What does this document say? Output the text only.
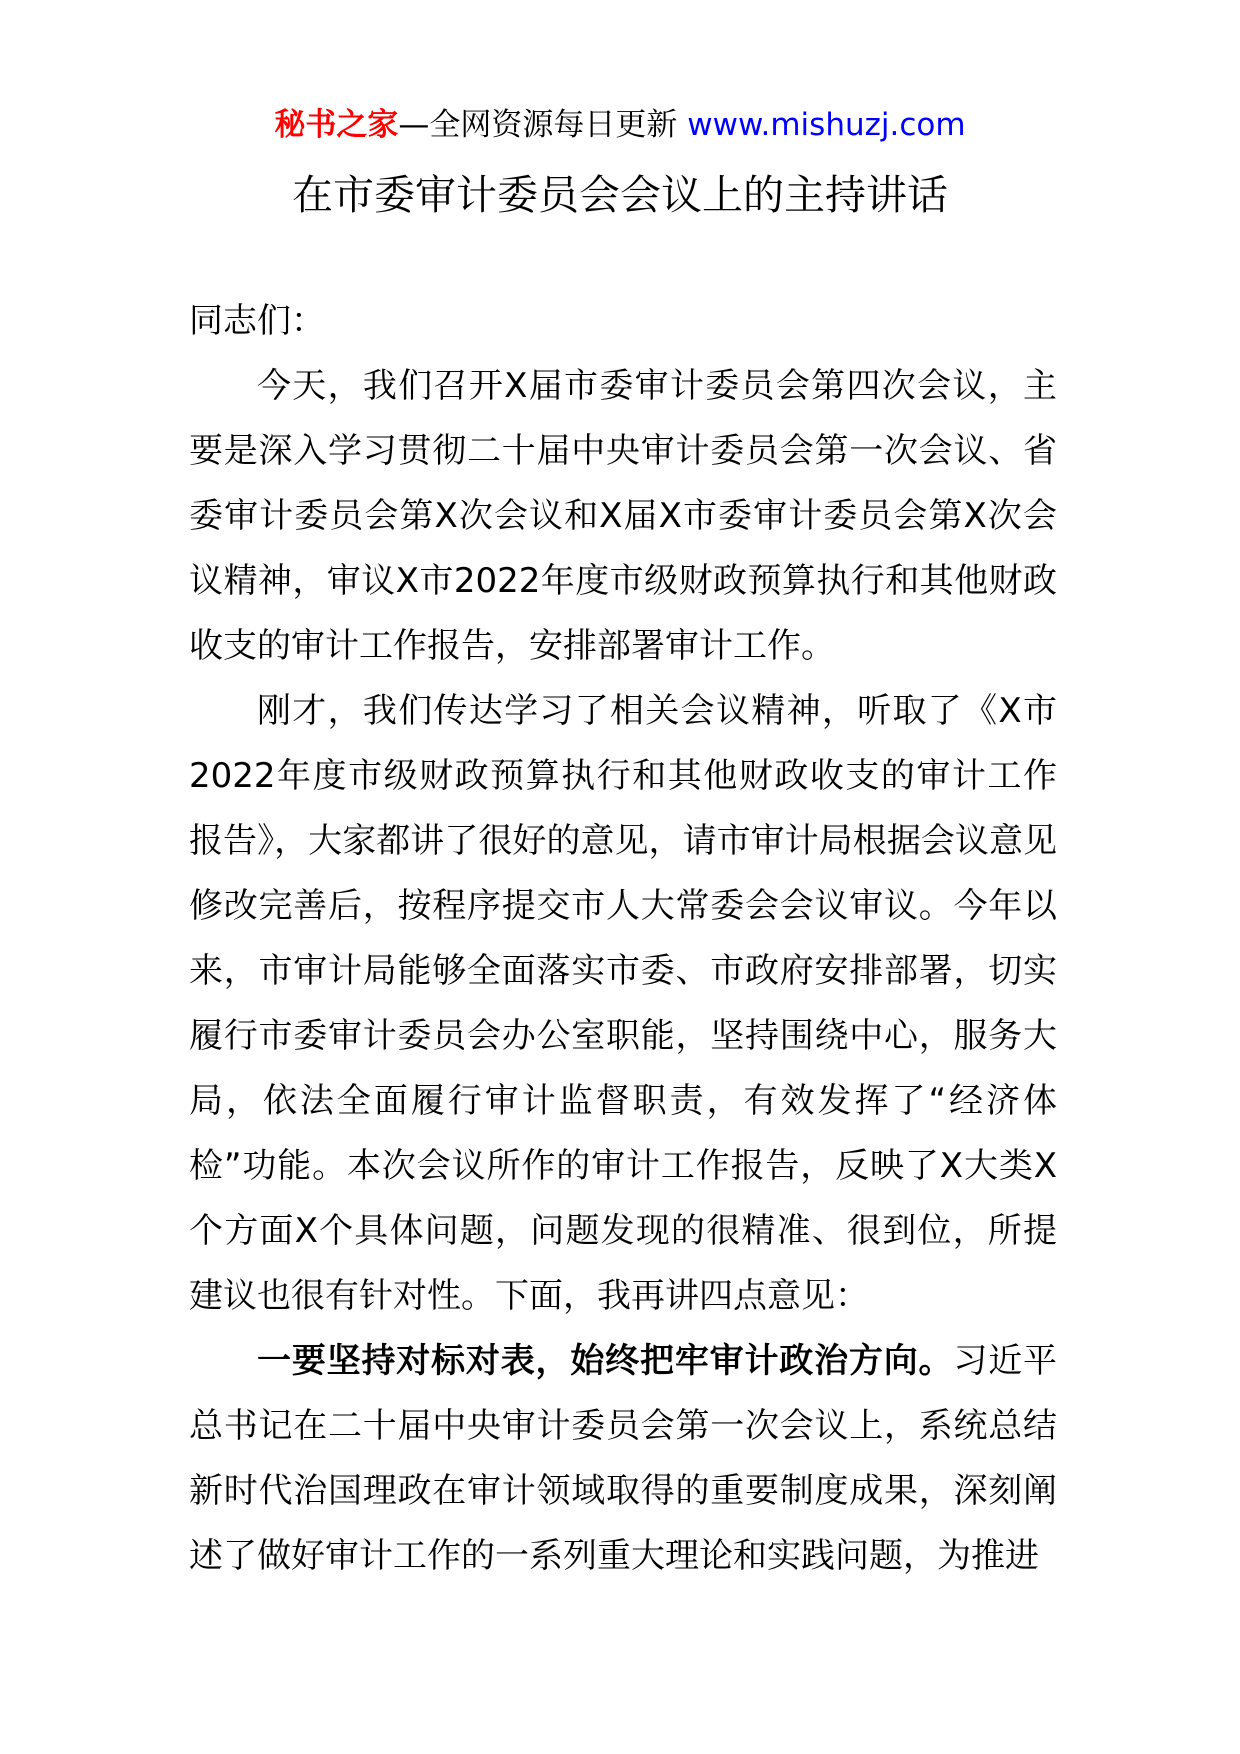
秘书之家—全网资源每日更新 www.mishuzj.com
在市委审计委员会会议上的主持讲话

同志们：

今天，我们召开X届市委审计委员会第四次会议，主要是深入学习贯彻二十届中央审计委员会第一次会议、省委审计委员会第X次会议和X届X市委审计委员会第X次会议精神，审议X市2022年度市级财政预算执行和其他财政收支的审计工作报告，安排部署审计工作。

刚才，我们传达学习了相关会议精神，听取了《X市2022年度市级财政预算执行和其他财政收支的审计工作报告》，大家都讲了很好的意见，请市审计局根据会议意见修改完善后，按程序提交市人大常委会会议审议。今年以来，市审计局能够全面落实市委、市政府安排部署，切实履行市委审计委员会办公室职能，坚持围绕中心，服务大局，依法全面履行审计监督职责，有效发挥了“经济体检”功能。本次会议所作的审计工作报告，反映了X大类X个方面X个具体问题，问题发现的很精准、很到位，所提建议也很有针对性。下面，我再讲四点意见：

一要坚持对标对表，始终把牢审计政治方向。习近平总书记在二十届中央审计委员会第一次会议上，系统总结新时代治国理政在审计领域取得的重要制度成果，深刻阐述了做好审计工作的一系列重大理论和实践问题，为推进
